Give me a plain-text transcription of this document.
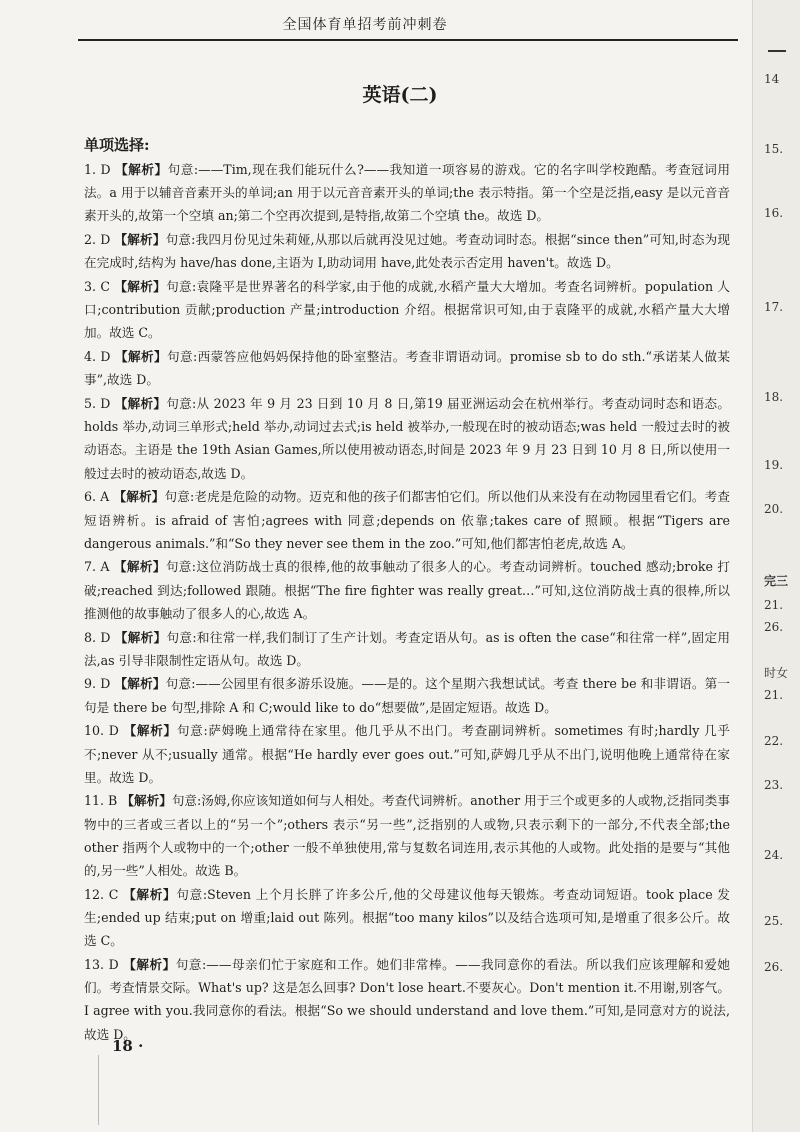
14
15.
16.
17.
18.
19.
20.
完三
21.
26.
时女
21.
22.
23.
24.
25.
26.
全国体育单招考前冲刺卷
英语(二)
单项选择:
1. D 【解析】句意:——Tim,现在我们能玩什么?——我知道一项容易的游戏。它的名字叫学校跑酷。考查冠词用法。a 用于以辅音音素开头的单词;an 用于以元音音素开头的单词;the 表示特指。第一个空是泛指,easy 是以元音音素开头的,故第一个空填 an;第二个空再次提到,是特指,故第二个空填 the。故选 D。
2. D 【解析】句意:我四月份见过朱莉娅,从那以后就再没见过她。考查动词时态。根据“since then”可知,时态为现在完成时,结构为 have/has done,主语为 I,助动词用 have,此处表示否定用 haven't。故选 D。
3. C 【解析】句意:袁隆平是世界著名的科学家,由于他的成就,水稻产量大大增加。考查名词辨析。population 人口;contribution 贡献;production 产量;introduction 介绍。根据常识可知,由于袁隆平的成就,水稻产量大大增加。故选 C。
4. D 【解析】句意:西蒙答应他妈妈保持他的卧室整洁。考查非谓语动词。promise sb to do sth.“承诺某人做某事”,故选 D。
5. D 【解析】句意:从 2023 年 9 月 23 日到 10 月 8 日,第19 届亚洲运动会在杭州举行。考查动词时态和语态。holds 举办,动词三单形式;held 举办,动词过去式;is held 被举办,一般现在时的被动语态;was held 一般过去时的被动语态。主语是 the 19th Asian Games,所以使用被动语态,时间是 2023 年 9 月 23 日到 10 月 8 日,所以使用一般过去时的被动语态,故选 D。
6. A 【解析】句意:老虎是危险的动物。迈克和他的孩子们都害怕它们。所以他们从来没有在动物园里看它们。考查短语辨析。is afraid of 害怕;agrees with 同意;depends on 依靠;takes care of 照顾。根据“Tigers are dangerous animals.”和“So they never see them in the zoo.”可知,他们都害怕老虎,故选 A。
7. A 【解析】句意:这位消防战士真的很棒,他的故事触动了很多人的心。考查动词辨析。touched 感动;broke 打破;reached 到达;followed 跟随。根据“The fire fighter was really great…”可知,这位消防战士真的很棒,所以推测他的故事触动了很多人的心,故选 A。
8. D 【解析】句意:和往常一样,我们制订了生产计划。考查定语从句。as is often the case“和往常一样”,固定用法,as 引导非限制性定语从句。故选 D。
9. D 【解析】句意:——公园里有很多游乐设施。——是的。这个星期六我想试试。考查 there be 和非谓语。第一句是 there be 句型,排除 A 和 C;would like to do“想要做”,是固定短语。故选 D。
10. D 【解析】句意:萨姆晚上通常待在家里。他几乎从不出门。考查副词辨析。sometimes 有时;hardly 几乎不;never 从不;usually 通常。根据“He hardly ever goes out.”可知,萨姆几乎从不出门,说明他晚上通常待在家里。故选 D。
11. B 【解析】句意:汤姆,你应该知道如何与人相处。考查代词辨析。another 用于三个或更多的人或物,泛指同类事物中的三者或三者以上的“另一个”;others 表示“另一些”,泛指别的人或物,只表示剩下的一部分,不代表全部;the other 指两个人或物中的一个;other 一般不单独使用,常与复数名词连用,表示其他的人或物。此处指的是要与“其他的,另一些”人相处。故选 B。
12. C 【解析】句意:Steven 上个月长胖了许多公斤,他的父母建议他每天锻炼。考查动词短语。took place 发生;ended up 结束;put on 增重;laid out 陈列。根据“too many kilos”以及结合选项可知,是增重了很多公斤。故选 C。
13. D 【解析】句意:——母亲们忙于家庭和工作。她们非常棒。——我同意你的看法。所以我们应该理解和爱她们。考查情景交际。What's up? 这是怎么回事? Don't lose heart.不要灰心。Don't mention it.不用谢,别客气。I agree with you.我同意你的看法。根据“So we should understand and love them.”可知,是同意对方的说法,故选 D。
18 ·
